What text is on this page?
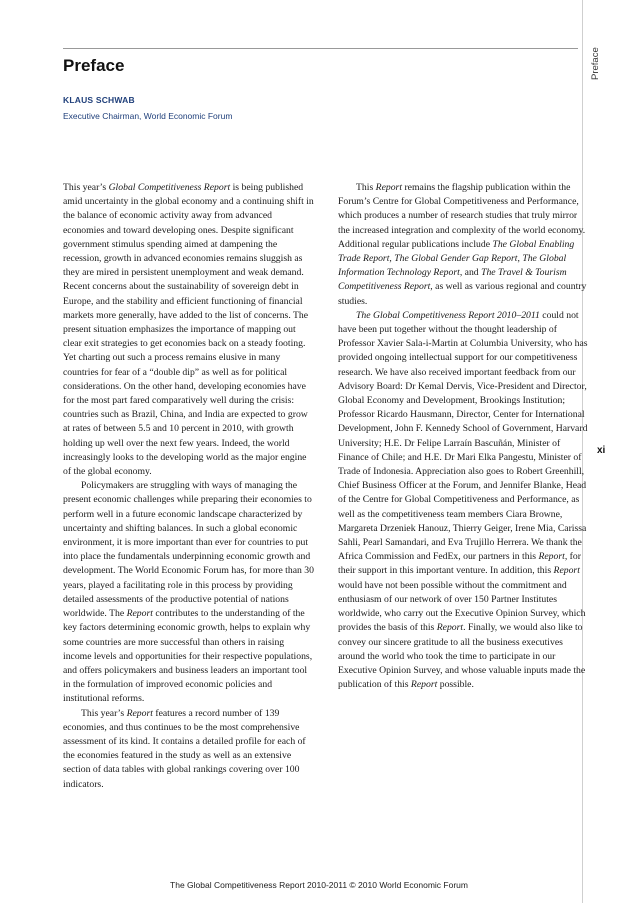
Preface
Preface
KLAUS SCHWAB
Executive Chairman, World Economic Forum
xi

This year’s Global Competitiveness Report is being published amid uncertainty in the global economy and a continuing shift in the balance of economic activity away from advanced economies and toward developing ones. Despite significant government stimulus spending aimed at dampening the recession, growth in advanced economies remains sluggish as they are mired in persistent unemployment and weak demand. Recent concerns about the sustainability of sovereign debt in Europe, and the stability and efficient functioning of financial markets more generally, have added to the list of concerns. The present situation emphasizes the importance of mapping out clear exit strategies to get economies back on a steady footing. Yet charting out such a process remains elusive in many countries for fear of a “double dip” as well as for political considerations. On the other hand, developing economies have for the most part fared comparatively well during the crisis: countries such as Brazil, China, and India are expected to grow at rates of between 5.5 and 10 percent in 2010, with growth holding up well over the next few years. Indeed, the world increasingly looks to the developing world as the major engine of the global economy.

Policymakers are struggling with ways of managing the present economic challenges while preparing their economies to perform well in a future economic landscape characterized by uncertainty and shifting balances. In such a global economic environment, it is more important than ever for countries to put into place the fundamentals underpinning economic growth and development. The World Economic Forum has, for more than 30 years, played a facilitating role in this process by providing detailed assessments of the productive potential of nations worldwide. The Report contributes to the understanding of the key factors determining economic growth, helps to explain why some countries are more successful than others in raising income levels and opportunities for their respective populations, and offers policymakers and business leaders an important tool in the formulation of improved economic policies and institutional reforms.

This year’s Report features a record number of 139 economies, and thus continues to be the most comprehensive assessment of its kind. It contains a detailed profile for each of the economies featured in the study as well as an extensive section of data tables with global rankings covering over 100 indicators.

This Report remains the flagship publication within the Forum’s Centre for Global Competitiveness and Performance, which produces a number of research studies that truly mirror the increased integration and complexity of the world economy. Additional regular publications include The Global Enabling Trade Report, The Global Gender Gap Report, The Global Information Technology Report, and The Travel & Tourism Competitiveness Report, as well as various regional and country studies.

The Global Competitiveness Report 2010–2011 could not have been put together without the thought leadership of Professor Xavier Sala-i-Martin at Columbia University, who has provided ongoing intellectual support for our competitiveness research. We have also received important feedback from our Advisory Board: Dr Kemal Dervis, Vice-President and Director, Global Economy and Development, Brookings Institution; Professor Ricardo Hausmann, Director, Center for International Development, John F. Kennedy School of Government, Harvard University; H.E. Dr Felipe Larraín Bascuñán, Minister of Finance of Chile; and H.E. Dr Mari Elka Pangestu, Minister of Trade of Indonesia. Appreciation also goes to Robert Greenhill, Chief Business Officer at the Forum, and Jennifer Blanke, Head of the Centre for Global Competitiveness and Performance, as well as the competitiveness team members Ciara Browne, Margareta Drzeniek Hanouz, Thierry Geiger, Irene Mia, Carissa Sahli, Pearl Samandari, and Eva Trujillo Herrera. We thank the Africa Commission and FedEx, our partners in this Report, for their support in this important venture. In addition, this Report would have not been possible without the commitment and enthusiasm of our network of over 150 Partner Institutes worldwide, who carry out the Executive Opinion Survey, which provides the basis of this Report. Finally, we would also like to convey our sincere gratitude to all the business executives around the world who took the time to participate in our Executive Opinion Survey, and whose valuable inputs made the publication of this Report possible.

The Global Competitiveness Report 2010-2011 © 2010 World Economic Forum
